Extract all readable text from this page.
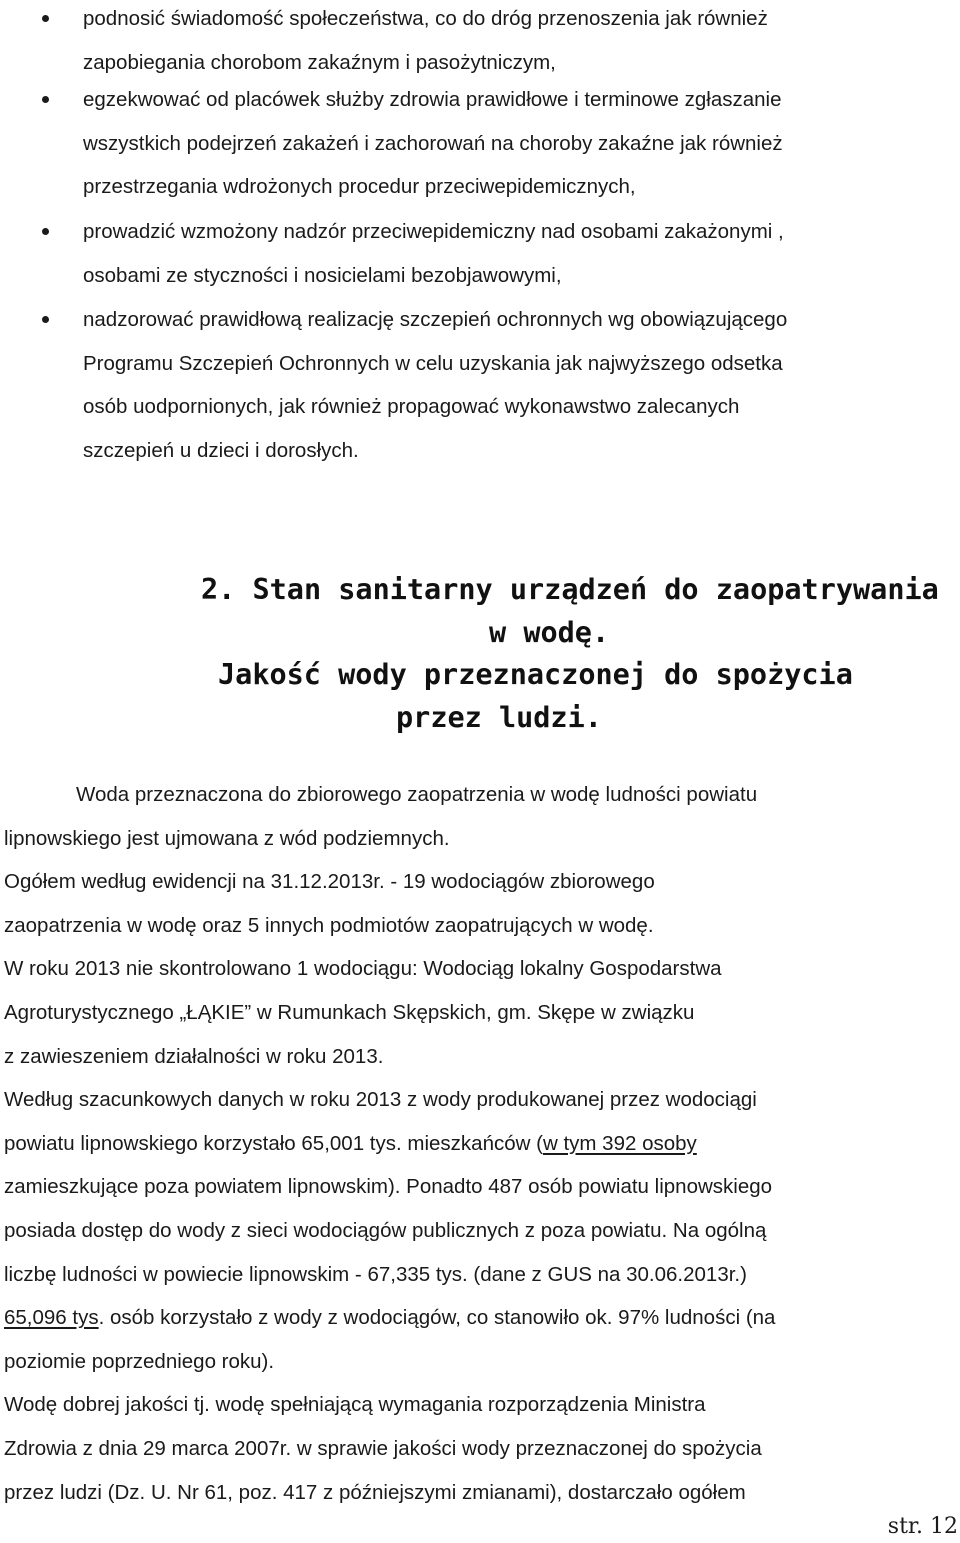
podnosić świadomość społeczeństwa, co do dróg przenoszenia jak również
zapobiegania chorobom zakaźnym i pasożytniczym,
egzekwować od placówek służby zdrowia prawidłowe i terminowe zgłaszanie
wszystkich podejrzeń zakażeń i zachorowań na choroby zakaźne jak również
przestrzegania wdrożonych procedur przeciwepidemicznych,
prowadzić wzmożony nadzór przeciwepidemiczny nad osobami zakażonymi ,
osobami ze styczności i nosicielami bezobjawowymi,
nadzorować prawidłową realizację szczepień ochronnych wg obowiązującego
Programu Szczepień Ochronnych w celu uzyskania jak najwyższego odsetka
osób uodpornionych, jak również propagować wykonawstwo zalecanych
szczepień u dzieci i dorosłych.
2. Stan sanitarny urządzeń do zaopatrywania
w wodę.
Jakość wody przeznaczonej do spożycia
przez ludzi.
Woda przeznaczona do zbiorowego zaopatrzenia w wodę ludności powiatu
lipnowskiego jest ujmowana z wód podziemnych.
Ogółem według ewidencji na 31.12.2013r. - 19 wodociągów zbiorowego
zaopatrzenia w wodę oraz 5 innych podmiotów zaopatrujących w wodę.
W roku 2013 nie skontrolowano 1 wodociągu: Wodociąg lokalny Gospodarstwa
Agroturystycznego „ŁĄKIE” w Rumunkach Skępskich, gm. Skępe w związku
z zawieszeniem działalności w roku 2013.
Według szacunkowych danych w roku 2013 z wody produkowanej przez wodociągi
powiatu lipnowskiego korzystało 65,001 tys. mieszkańców (w tym 392 osoby
zamieszkujące poza powiatem lipnowskim). Ponadto 487 osób powiatu lipnowskiego
posiada dostęp do wody z sieci wodociągów publicznych z poza powiatu. Na ogólną
liczbę ludności w powiecie lipnowskim - 67,335 tys. (dane z GUS na 30.06.2013r.)
65,096 tys. osób korzystało z wody z wodociągów, co stanowiło ok. 97% ludności (na
poziomie poprzedniego roku).
Wodę dobrej jakości tj. wodę spełniającą wymagania rozporządzenia Ministra
Zdrowia z dnia 29 marca 2007r. w sprawie jakości wody przeznaczonej do spożycia
przez ludzi (Dz. U. Nr 61, poz. 417 z późniejszymi zmianami), dostarczało ogółem
str. 12
